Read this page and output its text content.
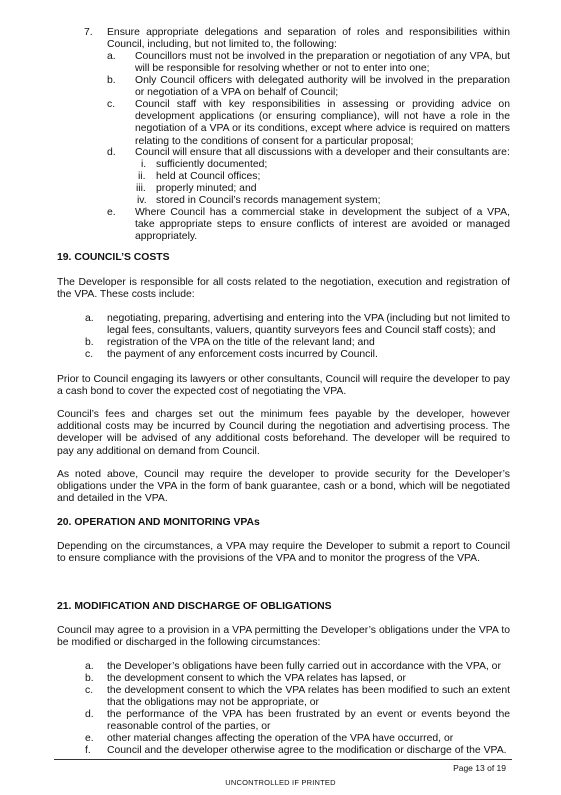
7. Ensure appropriate delegations and separation of roles and responsibilities within Council, including, but not limited to, the following:
a. Councillors must not be involved in the preparation or negotiation of any VPA, but will be responsible for resolving whether or not to enter into one;
b. Only Council officers with delegated authority will be involved in the preparation or negotiation of a VPA on behalf of Council;
c. Council staff with key responsibilities in assessing or providing advice on development applications (or ensuring compliance), will not have a role in the negotiation of a VPA or its conditions, except where advice is required on matters relating to the conditions of consent for a particular proposal;
d. Council will ensure that all discussions with a developer and their consultants are:
i. sufficiently documented;
ii. held at Council offices;
iii. properly minuted; and
iv. stored in Council’s records management system;
e. Where Council has a commercial stake in development the subject of a VPA, take appropriate steps to ensure conflicts of interest are avoided or managed appropriately.
19. COUNCIL’S COSTS
The Developer is responsible for all costs related to the negotiation, execution and registration of the VPA. These costs include:
a. negotiating, preparing, advertising and entering into the VPA (including but not limited to legal fees, consultants, valuers, quantity surveyors fees and Council staff costs); and
b. registration of the VPA on the title of the relevant land; and
c. the payment of any enforcement costs incurred by Council.
Prior to Council engaging its lawyers or other consultants, Council will require the developer to pay a cash bond to cover the expected cost of negotiating the VPA.
Council’s fees and charges set out the minimum fees payable by the developer, however additional costs may be incurred by Council during the negotiation and advertising process. The developer will be advised of any additional costs beforehand. The developer will be required to pay any additional on demand from Council.
As noted above, Council may require the developer to provide security for the Developer’s obligations under the VPA in the form of bank guarantee, cash or a bond, which will be negotiated and detailed in the VPA.
20. OPERATION AND MONITORING VPAs
Depending on the circumstances, a VPA may require the Developer to submit a report to Council to ensure compliance with the provisions of the VPA and to monitor the progress of the VPA.
21. MODIFICATION AND DISCHARGE OF OBLIGATIONS
Council may agree to a provision in a VPA permitting the Developer’s obligations under the VPA to be modified or discharged in the following circumstances:
a. the Developer’s obligations have been fully carried out in accordance with the VPA, or
b. the development consent to which the VPA relates has lapsed, or
c. the development consent to which the VPA relates has been modified to such an extent that the obligations may not be appropriate, or
d. the performance of the VPA has been frustrated by an event or events beyond the reasonable control of the parties, or
e. other material changes affecting the operation of the VPA have occurred, or
f. Council and the developer otherwise agree to the modification or discharge of the VPA.
Page 13 of 19
UNCONTROLLED IF PRINTED
